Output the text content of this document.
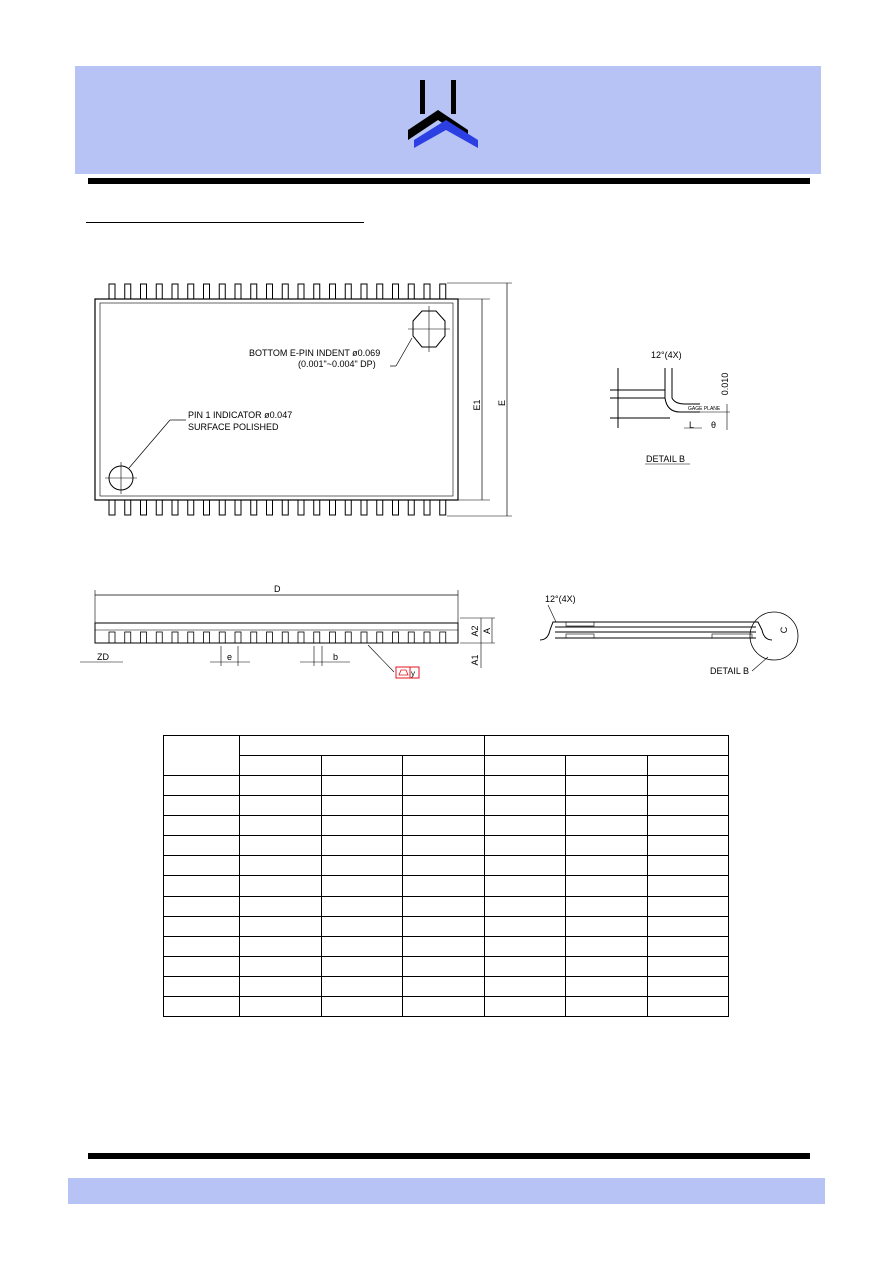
BOTTOM E-PIN INDENT ø0.069
(0.001"~0.004" DP)
PIN 1 INDICATOR ø0.047
SURFACE POLISHED
E1 E
12°(4X)
0.010
GAGE PLANE
L θ
DETAIL B
D
ZD	e	b
A2 A
A1
y
12°(4X)
C
DETAIL B
